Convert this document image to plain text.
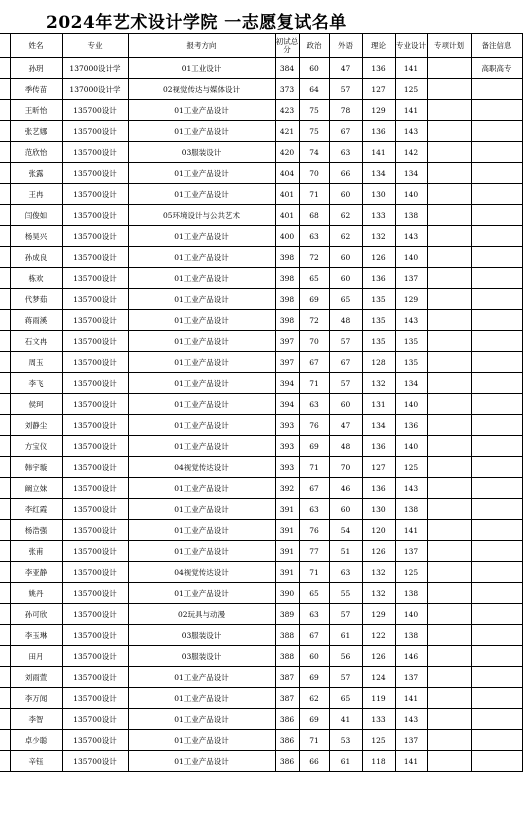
2024年艺术设计学院 一志愿复试名单
	姓名	专业	报考方向	初试总分	政治	外语	理论	专业设计	专项计划	备注信息
	孙玥	137000设计学	01工业设计	384	60	47	136	141		高职高专
	季传苗	137000设计学	02视觉传达与媒体设计	373	64	57	127	125		
	王昕怡	135700设计	01工业产品设计	423	75	78	129	141		
	张艺娜	135700设计	01工业产品设计	421	75	67	136	143		
	范欣怡	135700设计	03服装设计	420	74	63	141	142		
	张露	135700设计	01工业产品设计	404	70	66	134	134		
	王冉	135700设计	01工业产品设计	401	71	60	130	140		
	闫俊如	135700设计	05环境设计与公共艺术	401	68	62	133	138		
	杨昊兴	135700设计	01工业产品设计	400	63	62	132	143		
	孙成良	135700设计	01工业产品设计	398	72	60	126	140		
	栋欢	135700设计	01工业产品设计	398	65	60	136	137		
	代梦茹	135700设计	01工业产品设计	398	69	65	135	129		
	蒋雨溪	135700设计	01工业产品设计	398	72	48	135	143		
	石文冉	135700设计	01工业产品设计	397	70	57	135	135		
	周玉	135700设计	01工业产品设计	397	67	67	128	135		
	李飞	135700设计	01工业产品设计	394	71	57	132	134		
	侯珂	135700设计	01工业产品设计	394	63	60	131	140		
	刘静尘	135700设计	01工业产品设计	393	76	47	134	136		
	方宝仪	135700设计	01工业产品设计	393	69	48	136	140		
	韩宇璇	135700设计	04视觉传达设计	393	71	70	127	125		
	阚立妹	135700设计	01工业产品设计	392	67	46	136	143		
	李红霞	135700设计	01工业产品设计	391	63	60	130	138		
	杨浩强	135700设计	01工业产品设计	391	76	54	120	141		
	张甫	135700设计	01工业产品设计	391	77	51	126	137		
	李亚静	135700设计	04视觉传达设计	391	71	63	132	125		
	姚丹	135700设计	01工业产品设计	390	65	55	132	138		
	孙可欣	135700设计	02玩具与动漫	389	63	57	129	140		
	李玉琳	135700设计	03服装设计	388	67	61	122	138		
	田月	135700设计	03服装设计	388	60	56	126	146		
	刘雨萱	135700设计	01工业产品设计	387	69	57	124	137		
	李万闻	135700设计	01工业产品设计	387	62	65	119	141		
	李智	135700设计	01工业产品设计	386	69	41	133	143		
	卓少聪	135700设计	01工业产品设计	386	71	53	125	137		
	辛钰	135700设计	01工业产品设计	386	66	61	118	141		
